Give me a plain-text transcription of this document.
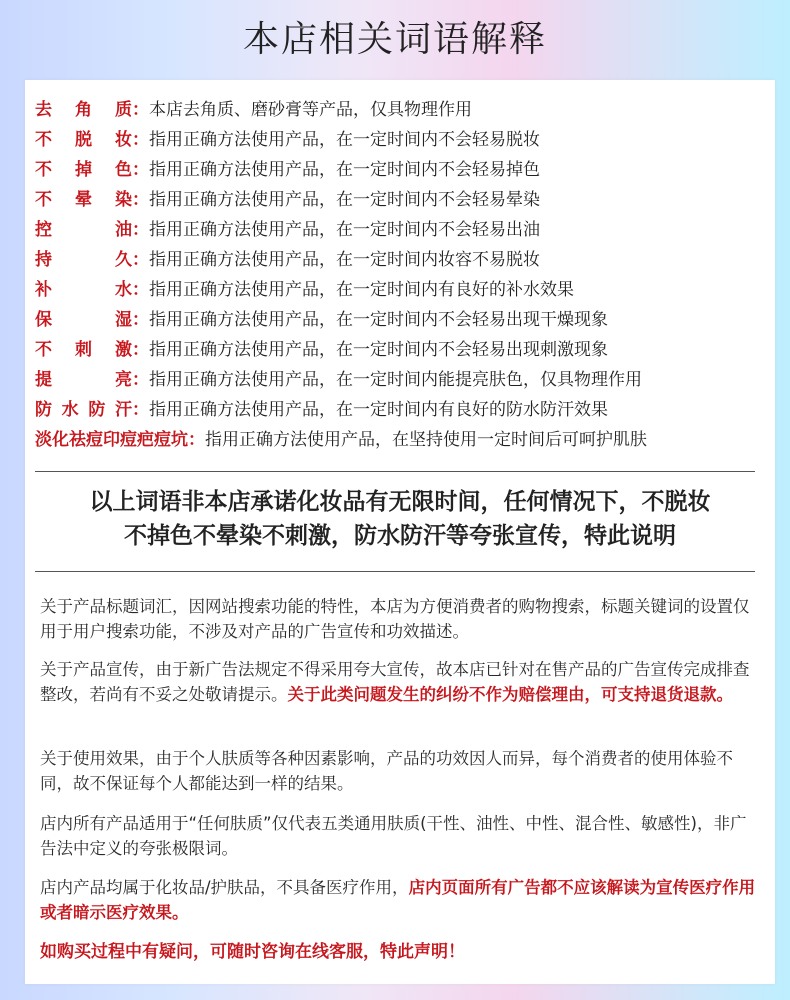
本店相关词语解释
去角质：本店去角质、磨砂膏等产品，仅具物理作用
不脱妆：指用正确方法使用产品，在一定时间内不会轻易脱妆
不掉色：指用正确方法使用产品，在一定时间内不会轻易掉色
不晕染：指用正确方法使用产品，在一定时间内不会轻易晕染
控油：指用正确方法使用产品，在一定时间内不会轻易出油
持久：指用正确方法使用产品，在一定时间内妆容不易脱妆
补水：指用正确方法使用产品，在一定时间内有良好的补水效果
保湿：指用正确方法使用产品，在一定时间内不会轻易出现干燥现象
不刺激：指用正确方法使用产品，在一定时间内不会轻易出现刺激现象
提亮：指用正确方法使用产品，在一定时间内能提亮肤色，仅具物理作用
防水防汗：指用正确方法使用产品，在一定时间内有良好的防水防汗效果
淡化祛痘印痘疤痘坑：指用正确方法使用产品，在坚持使用一定时间后可呵护肌肤
以上词语非本店承诺化妆品有无限时间，任何情况下，不脱妆
不掉色不晕染不刺激，防水防汗等夸张宣传，特此说明
关于产品标题词汇，因网站搜索功能的特性，本店为方便消费者的购物搜索，标题关键词的设置仅用于用户搜索功能，不涉及对产品的广告宣传和功效描述。
关于产品宣传，由于新广告法规定不得采用夸大宣传，故本店已针对在售产品的广告宣传完成排查整改，若尚有不妥之处敬请提示。关于此类问题发生的纠纷不作为赔偿理由，可支持退货退款。
关于使用效果，由于个人肤质等各种因素影响，产品的功效因人而异，每个消费者的使用体验不同，故不保证每个人都能达到一样的结果。
店内所有产品适用于“任何肤质”仅代表五类通用肤质(干性、油性、中性、混合性、敏感性)，非广告法中定义的夸张极限词。
店内产品均属于化妆品/护肤品，不具备医疗作用，店内页面所有广告都不应该解读为宣传医疗作用或者暗示医疗效果。
如购买过程中有疑问，可随时咨询在线客服，特此声明！
